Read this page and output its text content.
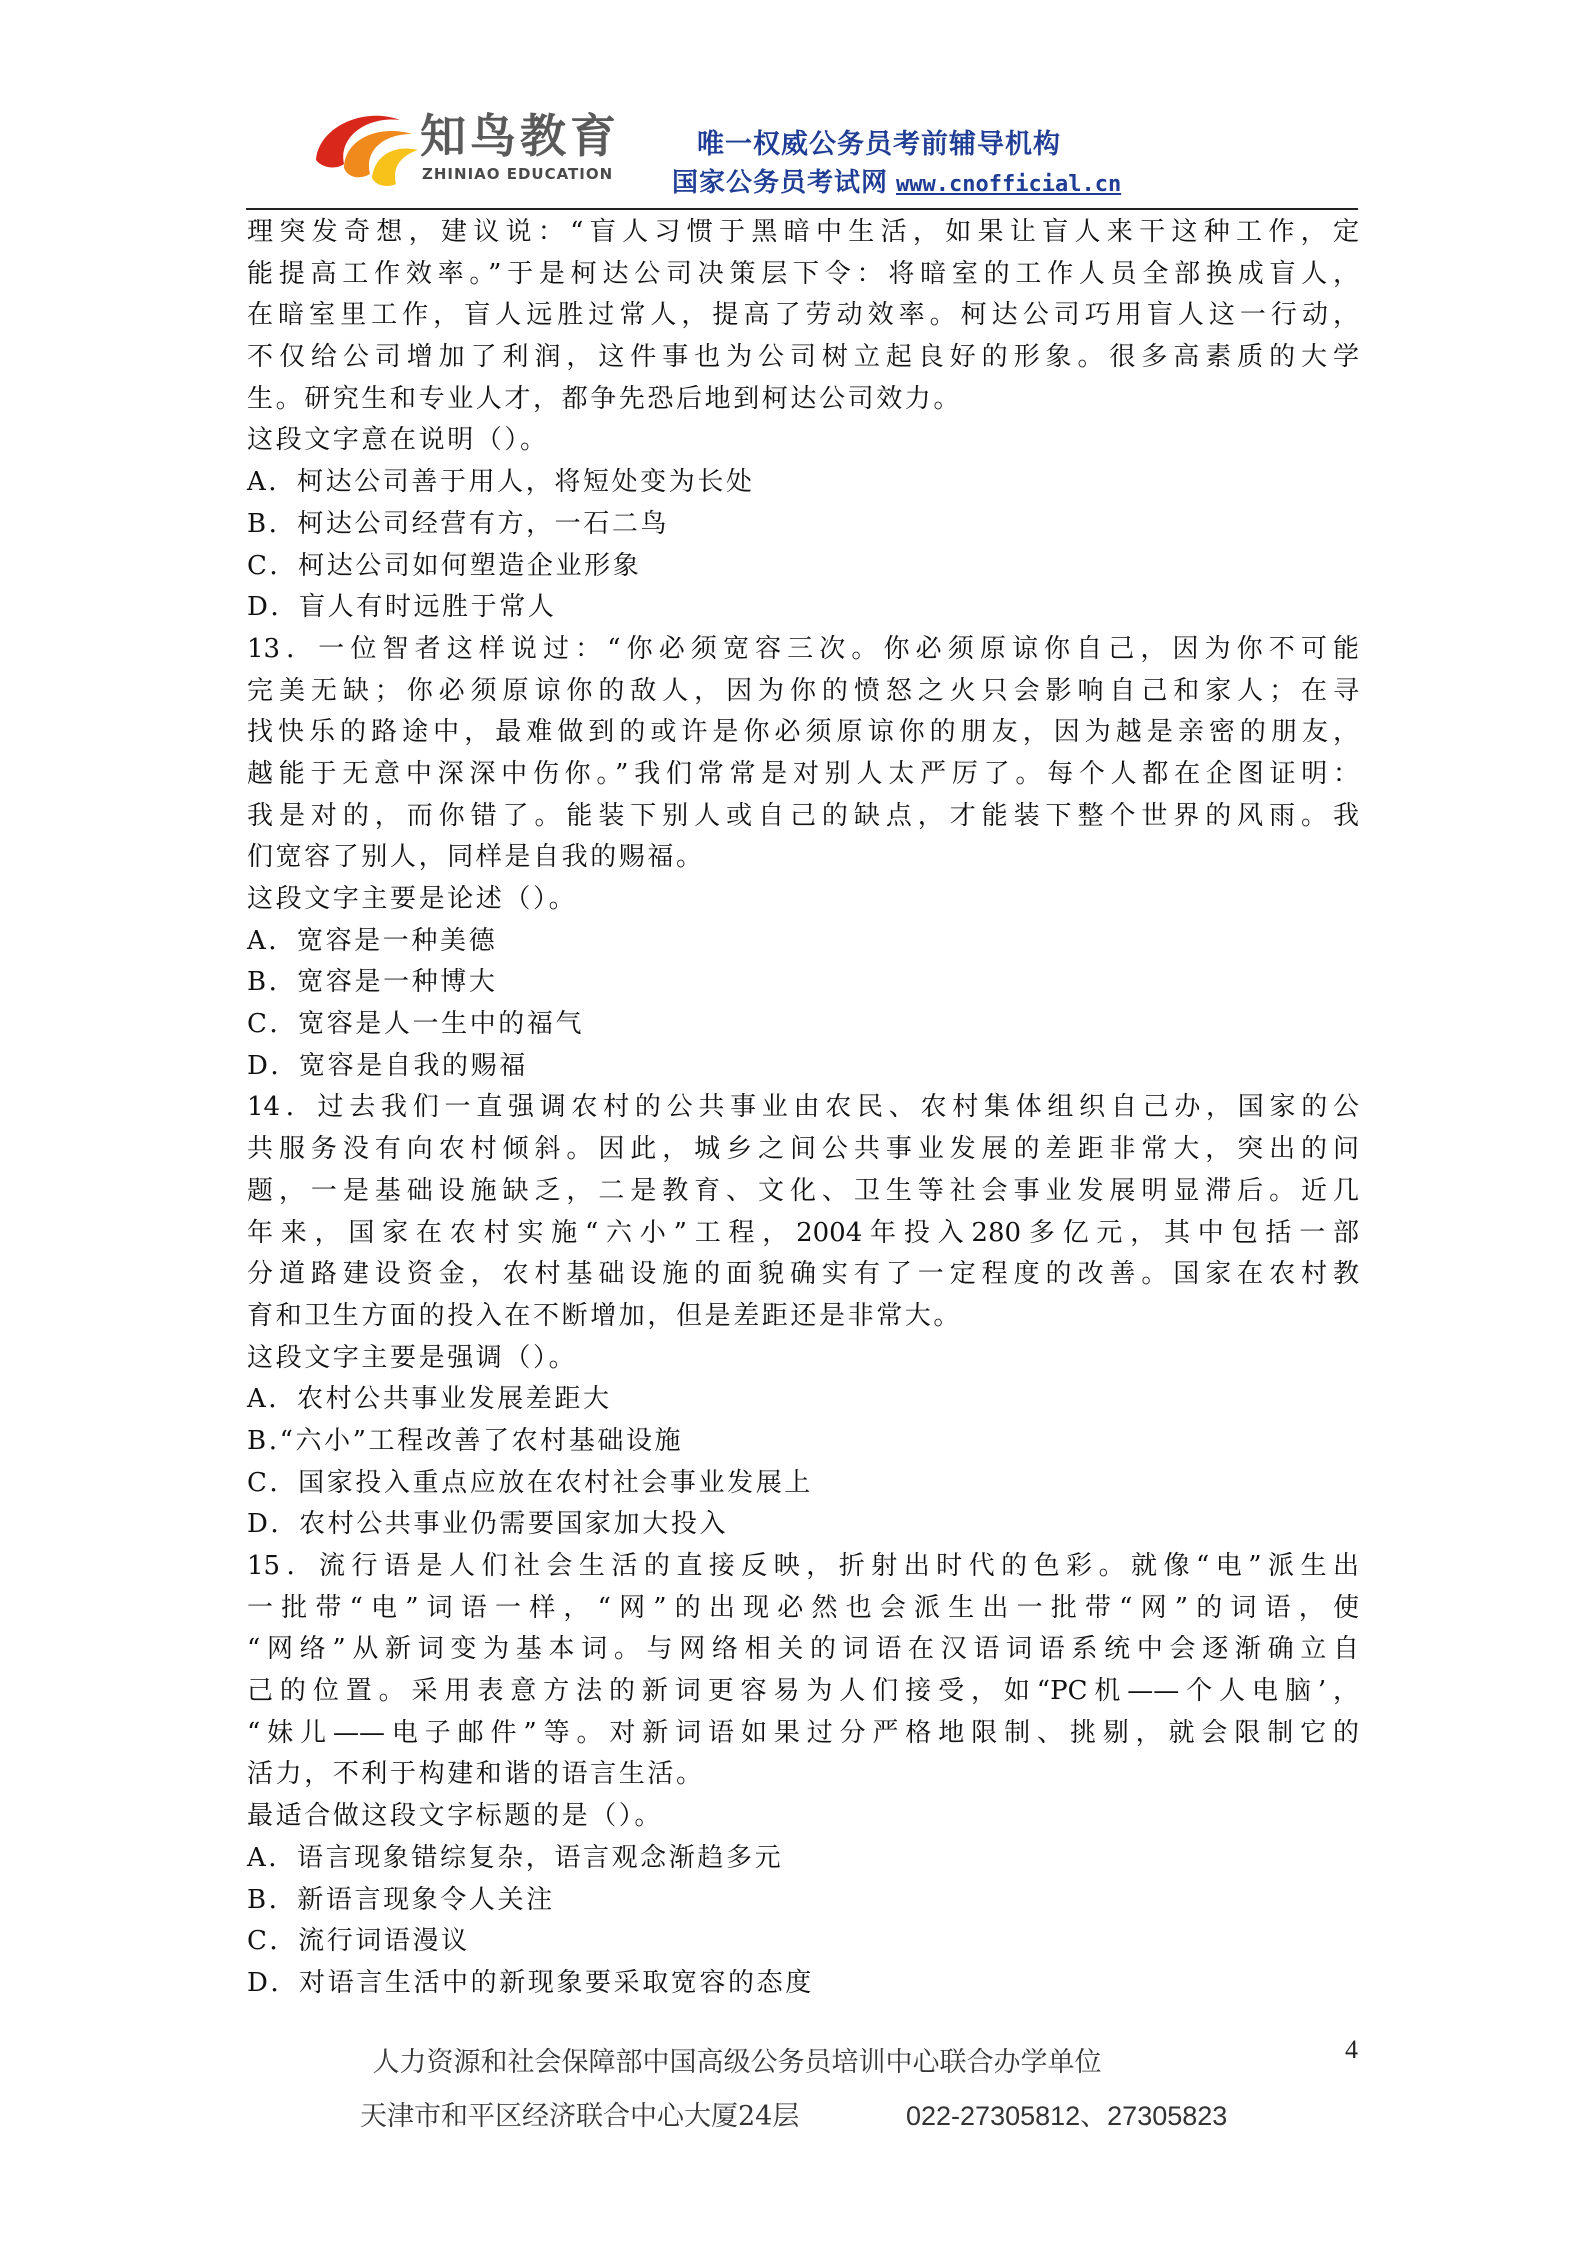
知鸟教育
ZHINIAO EDUCATION
唯一权威公务员考前辅导机构
国家公务员考试网 www.cnofficial.cn
理突发奇想，建议说：“盲人习惯于黑暗中生活，如果让盲人来干这种工作，定
能提高工作效率。”于是柯达公司决策层下令：将暗室的工作人员全部换成盲人，
在暗室里工作，盲人远胜过常人，提高了劳动效率。柯达公司巧用盲人这一行动，
不仅给公司增加了利润，这件事也为公司树立起良好的形象。很多高素质的大学
生。研究生和专业人才，都争先恐后地到柯达公司效力。
这段文字意在说明（）。
A．柯达公司善于用人，将短处变为长处
B．柯达公司经营有方，一石二鸟
C．柯达公司如何塑造企业形象
D．盲人有时远胜于常人
13．一位智者这样说过：“你必须宽容三次。你必须原谅你自己，因为你不可能
完美无缺；你必须原谅你的敌人，因为你的愤怒之火只会影响自己和家人；在寻
找快乐的路途中，最难做到的或许是你必须原谅你的朋友，因为越是亲密的朋友，
越能于无意中深深中伤你。”我们常常是对别人太严厉了。每个人都在企图证明：
我是对的，而你错了。能装下别人或自己的缺点，才能装下整个世界的风雨。我
们宽容了别人，同样是自我的赐福。
这段文字主要是论述（）。
A．宽容是一种美德
B．宽容是一种博大
C．宽容是人一生中的福气
D．宽容是自我的赐福
14．过去我们一直强调农村的公共事业由农民、农村集体组织自己办，国家的公
共服务没有向农村倾斜。因此，城乡之间公共事业发展的差距非常大，突出的问
题，一是基础设施缺乏，二是教育、文化、卫生等社会事业发展明显滞后。近几
年来，国家在农村实施“六小”工程，2004年投入280多亿元，其中包括一部
分道路建设资金，农村基础设施的面貌确实有了一定程度的改善。国家在农村教
育和卫生方面的投入在不断增加，但是差距还是非常大。
这段文字主要是强调（）。
A．农村公共事业发展差距大
B.“六小”工程改善了农村基础设施
C．国家投入重点应放在农村社会事业发展上
D．农村公共事业仍需要国家加大投入
15．流行语是人们社会生活的直接反映，折射出时代的色彩。就像“电”派生出
一批带“电”词语一样，“网”的出现必然也会派生出一批带“网”的词语，使
“网络”从新词变为基本词。与网络相关的词语在汉语词语系统中会逐渐确立自
己的位置。采用表意方法的新词更容易为人们接受，如“PC机——个人电脑’，
“妹儿——电子邮件”等。对新词语如果过分严格地限制、挑剔，就会限制它的
活力，不利于构建和谐的语言生活。
最适合做这段文字标题的是（）。
A．语言现象错综复杂，语言观念渐趋多元
B．新语言现象令人关注
C．流行词语漫议
D．对语言生活中的新现象要采取宽容的态度
人力资源和社会保障部中国高级公务员培训中心联合办学单位	4
天津市和平区经济联合中心大厦24层	022-27305812、27305823
